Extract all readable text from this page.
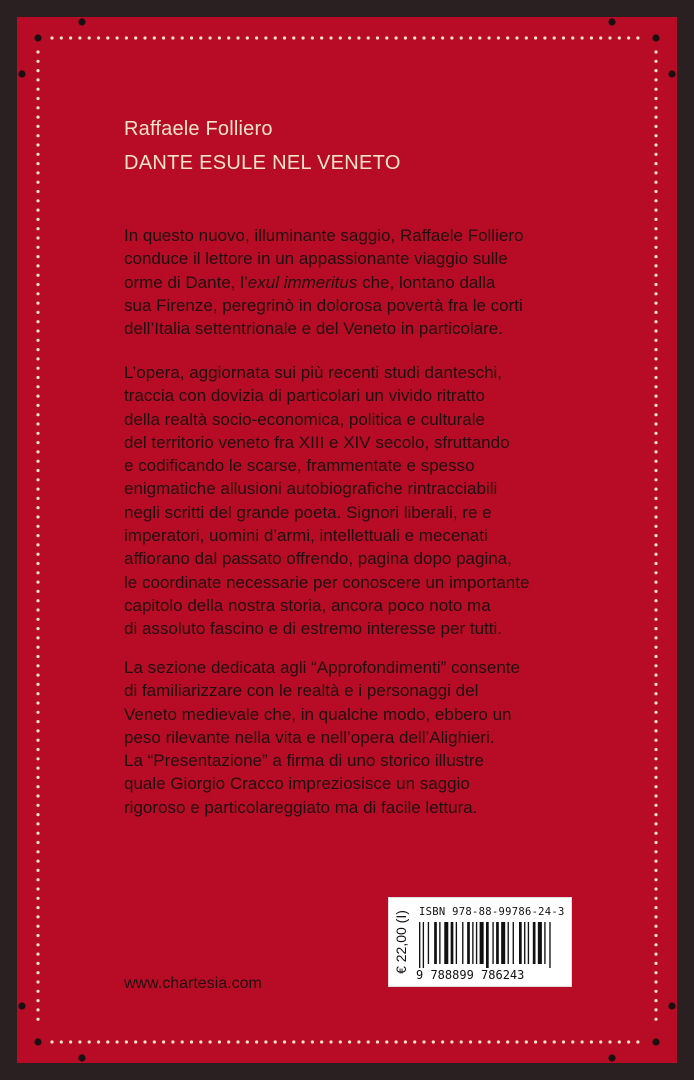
Raffaele Folliero
DANTE ESULE NEL VENETO

In questo nuovo, illuminante saggio, Raffaele Folliero

conduce il lettore in un appassionante viaggio sulle

orme di Dante, l’exul immeritus che, lontano dalla

sua Firenze, peregrinò in dolorosa povertà fra le corti

dell’Italia settentrionale e del Veneto in particolare.

L’opera, aggiornata sui più recenti studi danteschi,

traccia con dovizia di particolari un vivido ritratto

della realtà socio-economica, politica e culturale

del territorio veneto fra XIII e XIV secolo, sfruttando

e codificando le scarse, frammentate e spesso

enigmatiche allusioni autobiografiche rintracciabili

negli scritti del grande poeta. Signori liberali, re e

imperatori, uomini d’armi, intellettuali e mecenati

affiorano dal passato offrendo, pagina dopo pagina,

le coordinate necessarie per conoscere un importante

capitolo della nostra storia, ancora poco noto ma

di assoluto fascino e di estremo interesse per tutti.

La sezione dedicata agli “Approfondimenti” consente

di familiarizzare con le realtà e i personaggi del

Veneto medievale che, in qualche modo, ebbero un

peso rilevante nella vita e nell’opera dell’Alighieri.

La “Presentazione” a firma di uno storico illustre

quale Giorgio Cracco impreziosisce un saggio

rigoroso e particolareggiato ma di facile lettura.

www.chartesia.com
€ 22,00 (I) ISBN 978-88-99786-24-3
9 788899 786243
